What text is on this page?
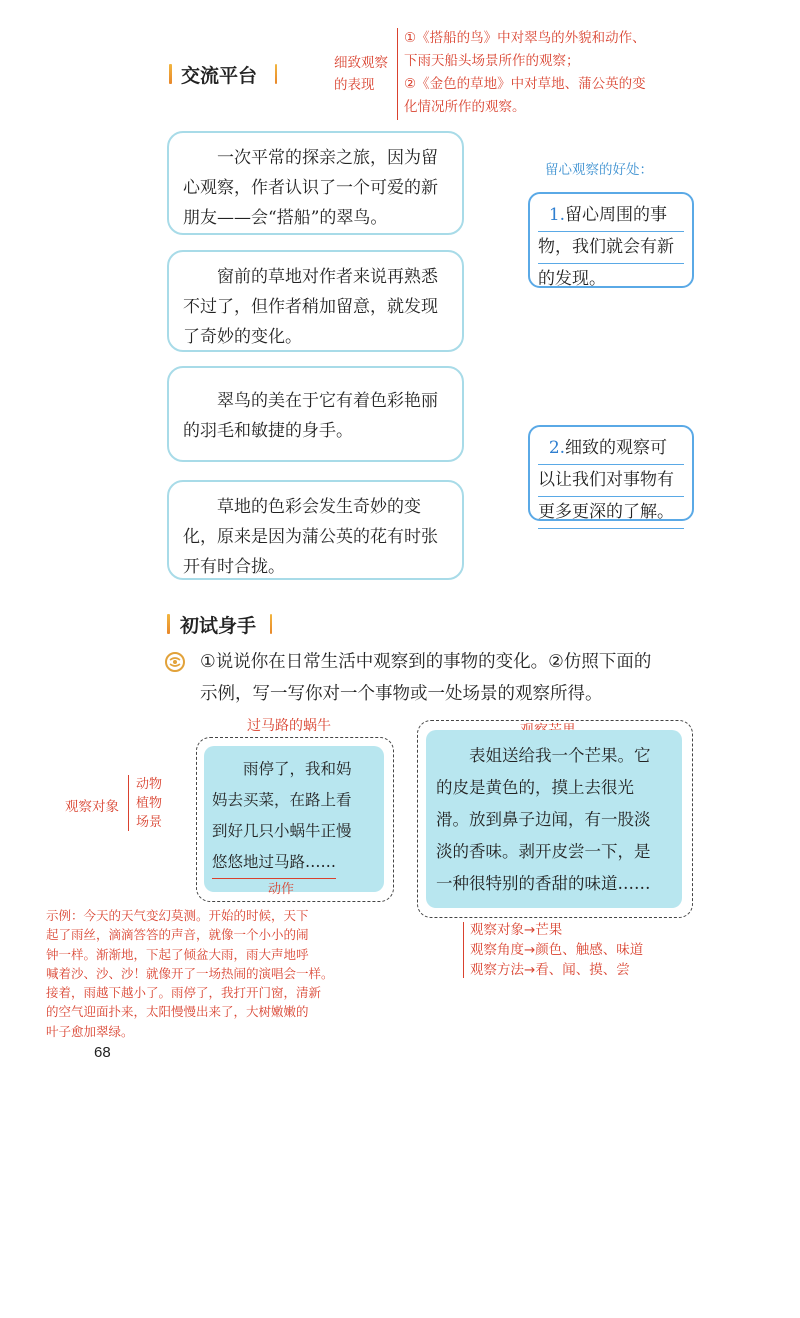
交流平台
细致观察
的表现
①《搭船的鸟》中对翠鸟的外貌和动作、
下雨天船头场景所作的观察；
②《金色的草地》中对草地、蒲公英的变
化情况所作的观察。

一次平常的探亲之旅，因为留心观察，作者认识了一个可爱的新朋友——会“搭船”的翠鸟。

窗前的草地对作者来说再熟悉不过了，但作者稍加留意，就发现了奇妙的变化。

翠鸟的美在于它有着色彩艳丽的羽毛和敏捷的身手。

草地的色彩会发生奇妙的变化，原来是因为蒲公英的花有时张开有时合拢。

留心观察的好处：
1.留心周围的事
物，我们就会有新
的发现。
2.细致的观察可
以让我们对事物有
更多更深的了解。
初试身手
①说说你在日常生活中观察到的事物的变化。②仿照下面的
示例，写一写你对一个事物或一处场景的观察所得。
过马路的蜗牛
雨停了，我和妈
妈去买菜，在路上看
到好几只小蜗牛正慢
悠悠地过马路……
动作
观察对象
动物
植物
场景
表姐送给我一个芒果。它
的皮是黄色的，摸上去很光
滑。放到鼻子边闻，有一股淡
淡的香味。剥开皮尝一下，是
一种很特别的香甜的味道……
观察对象→芒果
观察角度→颜色、触感、味道
观察方法→看、闻、摸、尝
示例：今天的天气变幻莫测。开始的时候，天下
起了雨丝，滴滴答答的声音，就像一个小小的闹
钟一样。渐渐地，下起了倾盆大雨，雨大声地呼
喊着沙、沙、沙！就像开了一场热闹的演唱会一样。
接着，雨越下越小了。雨停了，我打开门窗，清新
的空气迎面扑来，太阳慢慢出来了，大树嫩嫩的
叶子愈加翠绿。
68
